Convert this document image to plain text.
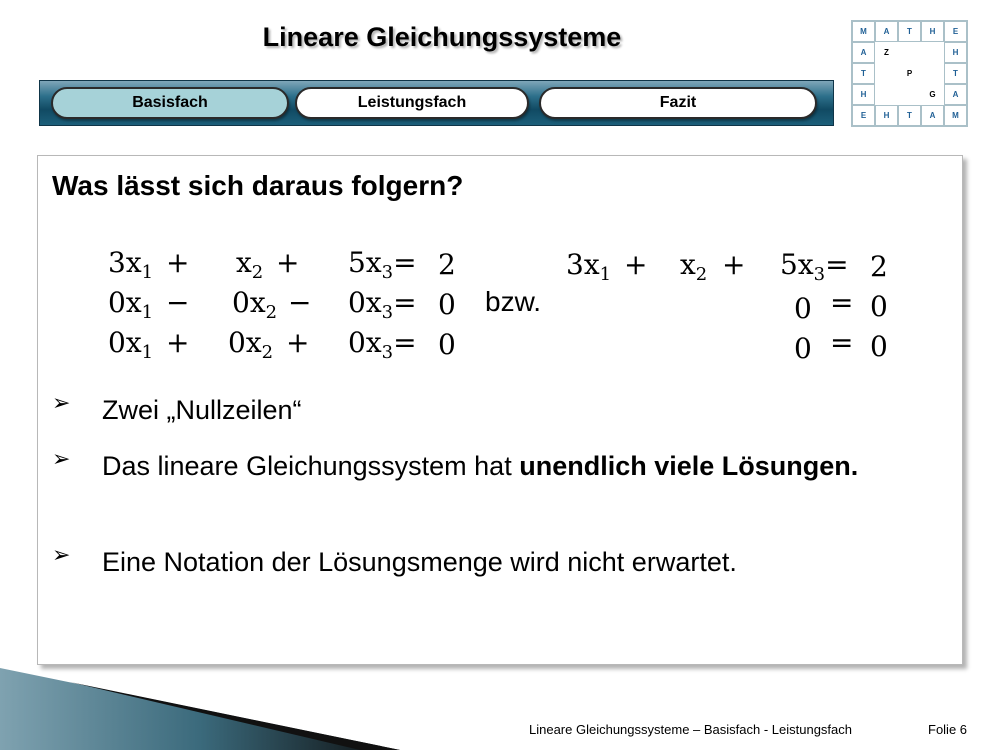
Lineare Gleichungssysteme
Basisfach	Leistungsfach	Fazit
M	A	T	H	E
A	Z	H
T	P	T
H	G	A
E	H	T	A	M
Was lässt sich daraus folgern?
$3x_1 + x_2 + 5x_3= 2$
$0x_1 - 0x_2 - 0x_3= 0$
$0x_1 + 0x_2 + 0x_3= 0$
bzw.
$3x_1 + x_2 + 5x_3= 2$
0 = 0
0 = 0
➢	Zwei „Nullzeilen“
➢	Das lineare Gleichungssystem hat unendlich viele Lösungen.
➢	Eine Notation der Lösungsmenge wird nicht erwartet.
Lineare Gleichungssysteme – Basisfach - Leistungsfach	Folie 6
